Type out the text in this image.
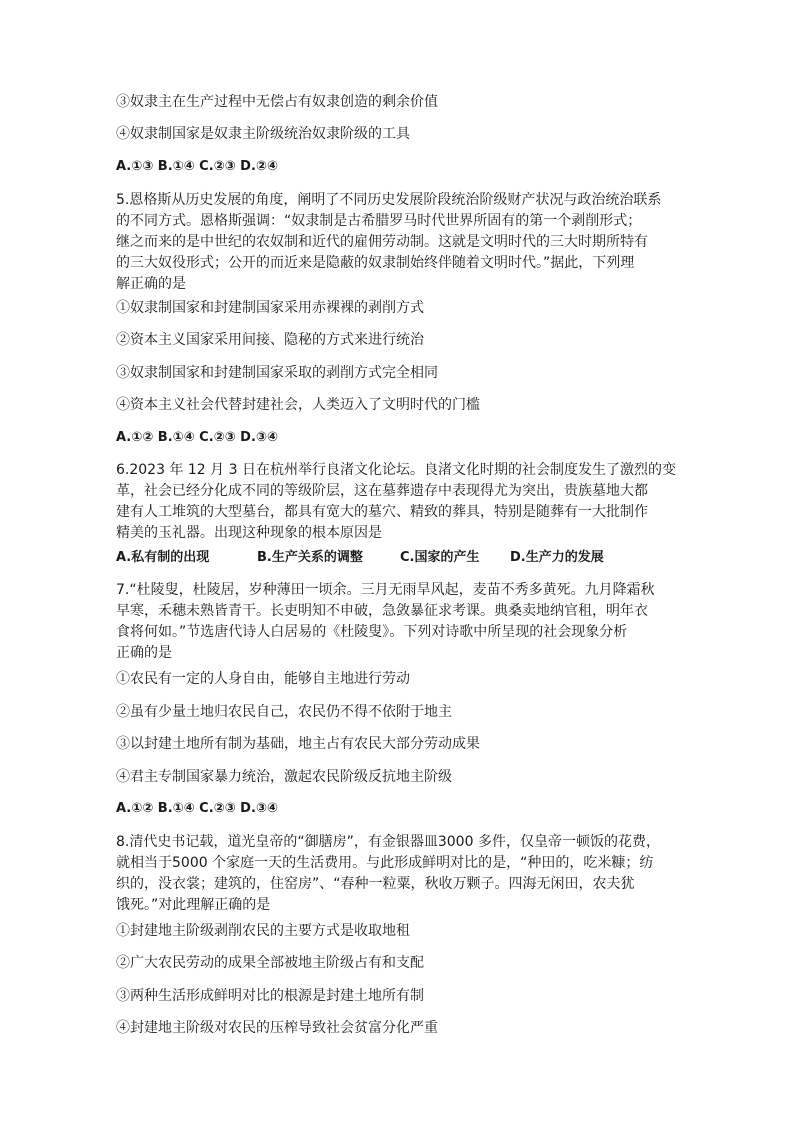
③奴隶主在生产过程中无偿占有奴隶创造的剩余价值

④奴隶制国家是奴隶主阶级统治奴隶阶级的工具

A.①③ B.①④ C.②③ D.②④

5.恩格斯从历史发展的角度，阐明了不同历史发展阶段统治阶级财产状况与政治统治联系

的不同方式。恩格斯强调：“奴隶制是古希腊罗马时代世界所固有的第一个剥削形式；

继之而来的是中世纪的农奴制和近代的雇佣劳动制。这就是文明时代的三大时期所特有

的三大奴役形式；公开的而近来是隐蔽的奴隶制始终伴随着文明时代。”据此，下列理

解正确的是

①奴隶制国家和封建制国家采用赤裸裸的剥削方式

②资本主义国家采用间接、隐秘的方式来进行统治

③奴隶制国家和封建制国家采取的剥削方式完全相同

④资本主义社会代替封建社会，人类迈入了文明时代的门槛

A.①② B.①④ C.②③ D.③④

6.2023 年 12 月 3 日在杭州举行良渚文化论坛。良渚文化时期的社会制度发生了激烈的变

革，社会已经分化成不同的等级阶层，这在墓葬遗存中表现得尤为突出，贵族墓地大都

建有人工堆筑的大型墓台，都具有宽大的墓穴、精致的葬具，特别是随葬有一大批制作

精美的玉礼器。出现这种现象的根本原因是

A.私有制的出现	B.生产关系的调整	C.国家的产生 D.生产力的发展

7.“杜陵叟，杜陵居，岁种薄田一顷余。三月无雨旱风起，麦苗不秀多黄死。九月降霜秋

早寒，禾穗未熟皆青干。长吏明知不申破，急敛暴征求考课。典桑卖地纳官租，明年衣

食将何如。”节选唐代诗人白居易的《杜陵叟》。下列对诗歌中所呈现的社会现象分析

正确的是

①农民有一定的人身自由，能够自主地进行劳动

②虽有少量土地归农民自己，农民仍不得不依附于地主

③以封建土地所有制为基础，地主占有农民大部分劳动成果

④君主专制国家暴力统治，激起农民阶级反抗地主阶级

A.①② B.①④ C.②③ D.③④

8.清代史书记载，道光皇帝的“御膳房”，有金银器皿3000 多件，仅皇帝一顿饭的花费，

就相当于5000 个家庭一天的生活费用。与此形成鲜明对比的是，“种田的，吃米糠；纺

织的，没衣裳；建筑的，住窑房”、“春种一粒粟，秋收万颗子。四海无闲田，农夫犹

饿死。”对此理解正确的是

①封建地主阶级剥削农民的主要方式是收取地租

②广大农民劳动的成果全部被地主阶级占有和支配

③两种生活形成鲜明对比的根源是封建土地所有制

④封建地主阶级对农民的压榨导致社会贫富分化严重
